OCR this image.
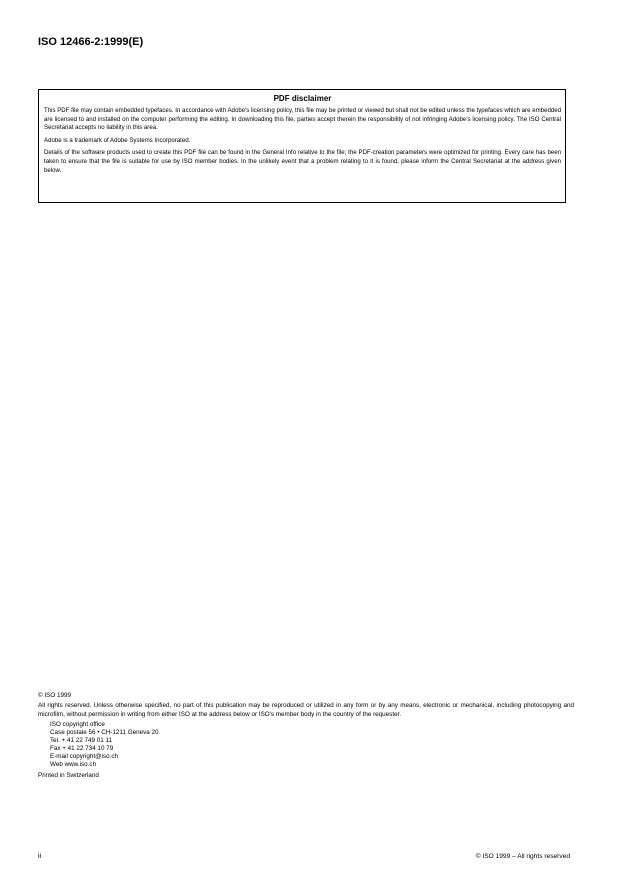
ISO 12466-2:1999(E)
PDF disclaimer

This PDF file may contain embedded typefaces. In accordance with Adobe's licensing policy, this file may be printed or viewed but shall not be edited unless the typefaces which are embedded are licensed to and installed on the computer performing the editing. In downloading this file, parties accept therein the responsibility of not infringing Adobe's licensing policy. The ISO Central Secretariat accepts no liability in this area.

Adobe is a trademark of Adobe Systems Incorporated.

Details of the software products used to create this PDF file can be found in the General Info relative to the file; the PDF-creation parameters were optimized for printing. Every care has been taken to ensure that the file is suitable for use by ISO member bodies. In the unlikely event that a problem relating to it is found, please inform the Central Secretariat at the address given below.

© ISO 1999

All rights reserved. Unless otherwise specified, no part of this publication may be reproduced or utilized in any form or by any means, electronic or mechanical, including photocopying and microfilm, without permission in writing from either ISO at the address below or ISO's member body in the country of the requester.

ISO copyright office
Case postale 56 • CH-1211 Geneva 20
Tel. + 41 22 749 01 11
Fax + 41 22 734 10 79
E-mail copyright@iso.ch
Web www.iso.ch
Printed in Switzerland
ii	© ISO 1999 – All rights reserved
